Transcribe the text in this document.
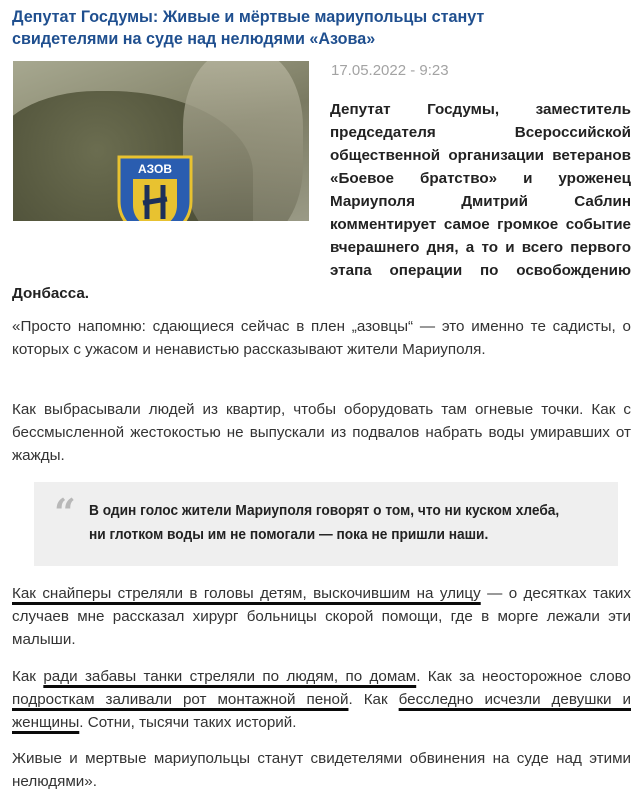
Депутат Госдумы: Живые и мёртвые мариупольцы станут свидетелями на суде над нелюдями «Азова»
АЗОВ

17.05.2022 - 9:23

Депутат Госдумы, заместитель председателя Всероссийской общественной организации ветеранов «Боевое братство» и уроженец Мариуполя Дмитрий Саблин комментирует самое громкое событие вчерашнего дня, а то и всего первого этапа операции по освобождению Донбасса.

«Просто напомню: сдающиеся сейчас в плен „азовцы“ — это именно те садисты, о которых с ужасом и ненавистью рассказывают жители Мариуполя.

Как выбрасывали людей из квартир, чтобы оборудовать там огневые точки. Как с бессмысленной жестокостью не выпускали из подвалов набрать воды умиравших от жажды.

“ В один голос жители Мариуполя говорят о том, что ни куском хлеба, ни глотком воды им не помогали — пока не пришли наши.

Как снайперы стреляли в головы детям, выскочившим на улицу — о десятках таких случаев мне рассказал хирург больницы скорой помощи, где в морге лежали эти малыши.

Как ради забавы танки стреляли по людям, по домам. Как за неосторожное слово подросткам заливали рот монтажной пеной. Как бесследно исчезли девушки и женщины. Сотни, тысячи таких историй.

Живые и мертвые мариупольцы станут свидетелями обвинения на суде над этими нелюдями».
